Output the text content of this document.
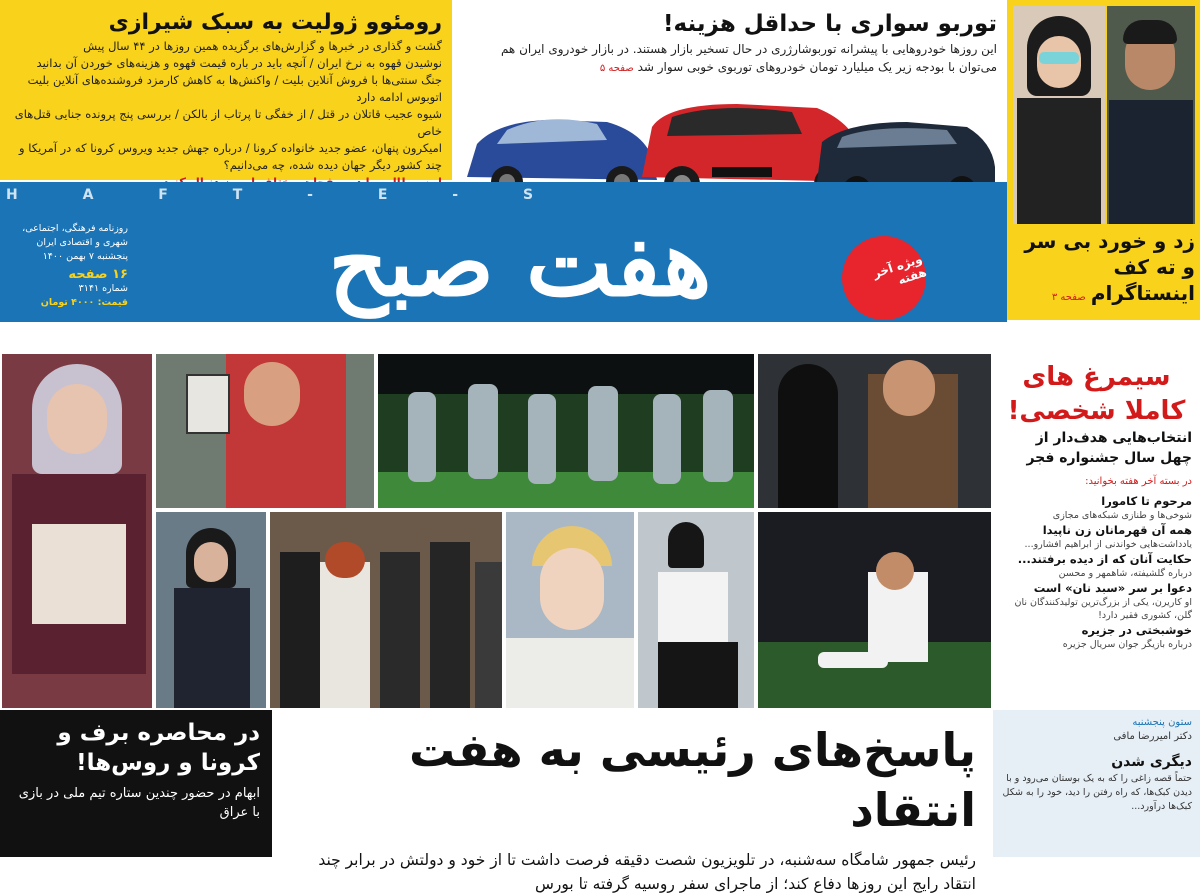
رومئوو ژولیت به سبک شیرازی

گشت و گذاری در خبرها و گزارش‌های برگزیده همین روزها در ۴۴ سال پیش

نوشیدن قهوه به نرخ ایران / آنچه باید در باره قیمت قهوه و هزینه‌های خوردن آن بدانید

جنگ سنتی‌ها با فروش آنلاین بلیت / واکنش‌ها به کاهش کارمزد فروشنده‌های آنلاین بلیت اتوبوس ادامه دارد

شیوه عجیب قاتلان در قتل / از خفگی تا پرتاب از بالکن / بررسی پنج پرونده جنایی قتل‌های خاص

امیکرون پنهان، عضو جدید خانواده کرونا / درباره جهش جدید ویروس کرونا که در آمریکا و چند کشور دیگر جهان دیده شده، چه می‌دانیم؟

توربو سواری با حداقل هزینه!

این روزها خودروهایی با پیشرانه توربوشارژری در حال تسخیر بازار هستند. در بازار خودروی ایران هم می‌توان با بودجه زیر یک میلیارد تومان خودروهای توربوی خوبی سوار شد صفحه ۵

زد و خورد بی سر و ته کف اینستاگرام صفحه ۳
H A F T - E - S
روزنامه فرهنگی، اجتماعی، شهری و اقتصادی ایران
پنجشنبه ۷ بهمن ۱۴۰۰
۱۶ صفحه
شماره ۳۱۴۱
قیمت: ۴۰۰۰ تومان	هفت صبح	ویژه آخر هفته
سیمرغ های کاملا شخصی!
انتخاب‌هایی هدف‌دار از چهل سال جشنواره فجر
در بسته آخر هفته بخوانید:
مرحوم تا کامورا
شوخی‌ها و طنازی شبکه‌های مجازی
همه آن قهرمانان زن ناپیدا
یادداشت‌هایی خواندنی از ابراهیم افشارو...
حکایت آنان که از دیده برفتند...
درباره گلشیفته، شاهمهر و محسن
دعوا بر سر «سبد نان» است
او کاریرن، یکی از بزرگ‌ترین تولیدکنندگان نان گلن، کشوری فقیر دارد!
خوشبختی در جزیره
درباره بازیگر جوان سریال جزیره
در محاصره برف و کرونا و روس‌ها!

ابهام در حضور چندین ستاره تیم ملی در بازی با عراق

پاسخ‌های رئیسی به هفت انتقاد

رئیس جمهور شامگاه سه‌شنبه، در تلویزیون شصت دقیقه فرصت داشت تا از خود و دولتش در برابر چند انتقاد رایج این روزها دفاع کند؛ از ماجرای سفر روسیه گرفته تا بورس

ستون پنجشنبه
دکتر امیررضا مافی
دیگری شدن

حتماً قصه زاغی را که به یک بوستان می‌رود و با دیدن کبک‌ها، که راه رفتن را دید، خود را به شکل کبک‌ها درآورد...
